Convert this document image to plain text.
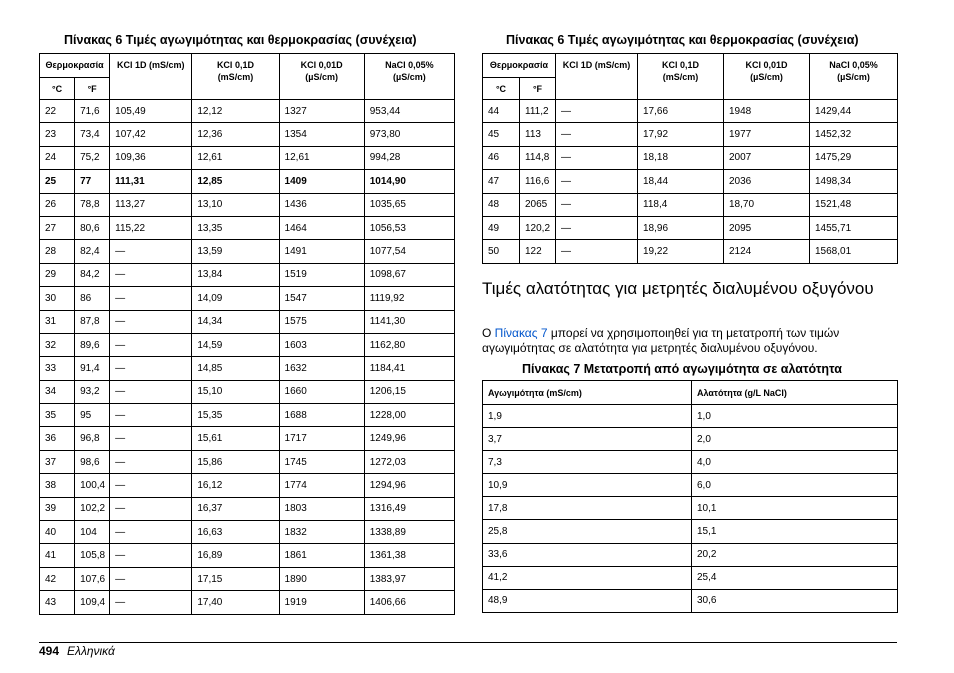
Πίνακας 6 Τιμές αγωγιμότητας και θερμοκρασίας (συνέχεια)
Θερμοκρασία		KCl 1D (mS/cm)	KCl 0,1D
(mS/cm)	KCl 0,01D
(µS/cm)	NaCl 0,05%
(µS/cm)
°C	°F				
22	71,6	105,49	12,12	1327	953,44
23	73,4	107,42	12,36	1354	973,80
24	75,2	109,36	12,61	12,61	994,28
25	77	111,31	12,85	1409	1014,90
26	78,8	113,27	13,10	1436	1035,65
27	80,6	115,22	13,35	1464	1056,53
28	82,4	—	13,59	1491	1077,54
29	84,2	—	13,84	1519	1098,67
30	86	—	14,09	1547	1119,92
31	87,8	—	14,34	1575	1141,30
32	89,6	—	14,59	1603	1162,80
33	91,4	—	14,85	1632	1184,41
34	93,2	—	15,10	1660	1206,15
35	95	—	15,35	1688	1228,00
36	96,8	—	15,61	1717	1249,96
37	98,6	—	15,86	1745	1272,03
38	100,4	—	16,12	1774	1294,96
39	102,2	—	16,37	1803	1316,49
40	104	—	16,63	1832	1338,89
41	105,8	—	16,89	1861	1361,38
42	107,6	—	17,15	1890	1383,97
43	109,4	—	17,40	1919	1406,66
Πίνακας 6 Τιμές αγωγιμότητας και θερμοκρασίας (συνέχεια)
Θερμοκρασία		KCl 1D (mS/cm)	KCl 0,1D
(mS/cm)	KCl 0,01D
(µS/cm)	NaCl 0,05%
(µS/cm)
°C	°F				
44	111,2	—	17,66	1948	1429,44
45	113	—	17,92	1977	1452,32
46	114,8	—	18,18	2007	1475,29
47	116,6	—	18,44	2036	1498,34
48	2065	—	118,4	18,70	1521,48
49	120,2	—	18,96	2095	1455,71
50	122	—	19,22	2124	1568,01
Τιμές αλατότητας για μετρητές διαλυμένου οξυγόνου
Ο Πίνακας 7 μπορεί να χρησιμοποιηθεί για τη μετατροπή των τιμών αγωγιμότητας σε αλατότητα για μετρητές διαλυμένου οξυγόνου.
Πίνακας 7 Μετατροπή από αγωγιμότητα σε αλατότητα
Αγωγιμότητα (mS/cm)	Αλατότητα (g/L NaCl)
1,9	1,0
3,7	2,0
7,3	4,0
10,9	6,0
17,8	10,1
25,8	15,1
33,6	20,2
41,2	25,4
48,9	30,6
494 Ελληνικά
